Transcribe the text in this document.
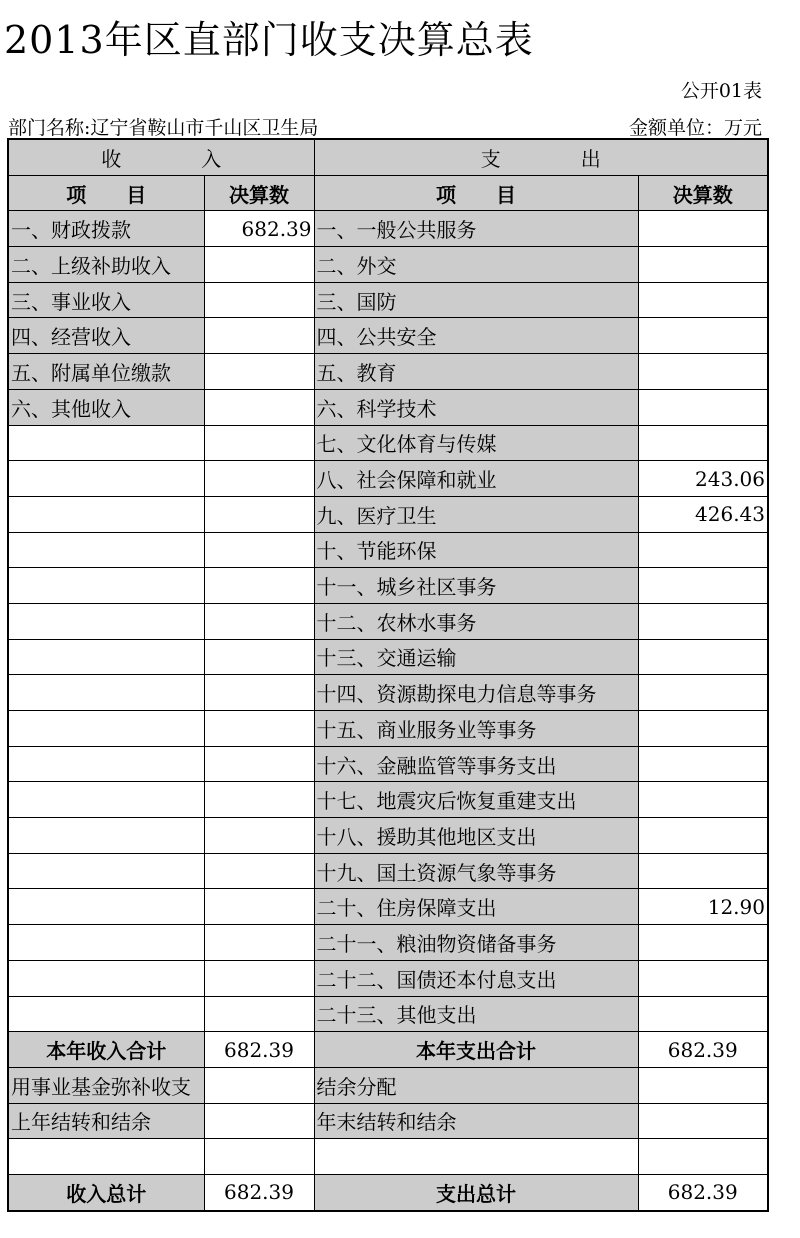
2013年区直部门收支决算总表
公开01表
部门名称:辽宁省鞍山市千山区卫生局	金额单位：万元
收　　　　入		支　　　　出	
项　　目	决算数	项　　目	决算数
一、财政拨款	682.39	一、一般公共服务	
二、上级补助收入		二、外交	
三、事业收入		三、国防	
四、经营收入		四、公共安全	
五、附属单位缴款		五、教育	
六、其他收入		六、科学技术	
		七、文化体育与传媒	
		八、社会保障和就业	243.06
		九、医疗卫生	426.43
		十、节能环保	
		十一、城乡社区事务	
		十二、农林水事务	
		十三、交通运输	
		十四、资源勘探电力信息等事务	
		十五、商业服务业等事务	
		十六、金融监管等事务支出	
		十七、地震灾后恢复重建支出	
		十八、援助其他地区支出	
		十九、国土资源气象等事务	
		二十、住房保障支出	12.90
		二十一、粮油物资储备事务	
		二十二、国债还本付息支出	
		二十三、其他支出	
本年收入合计	682.39	本年支出合计	682.39
用事业基金弥补收支		结余分配	
上年结转和结余		年末结转和结余	

收入总计	682.39	支出总计	682.39
